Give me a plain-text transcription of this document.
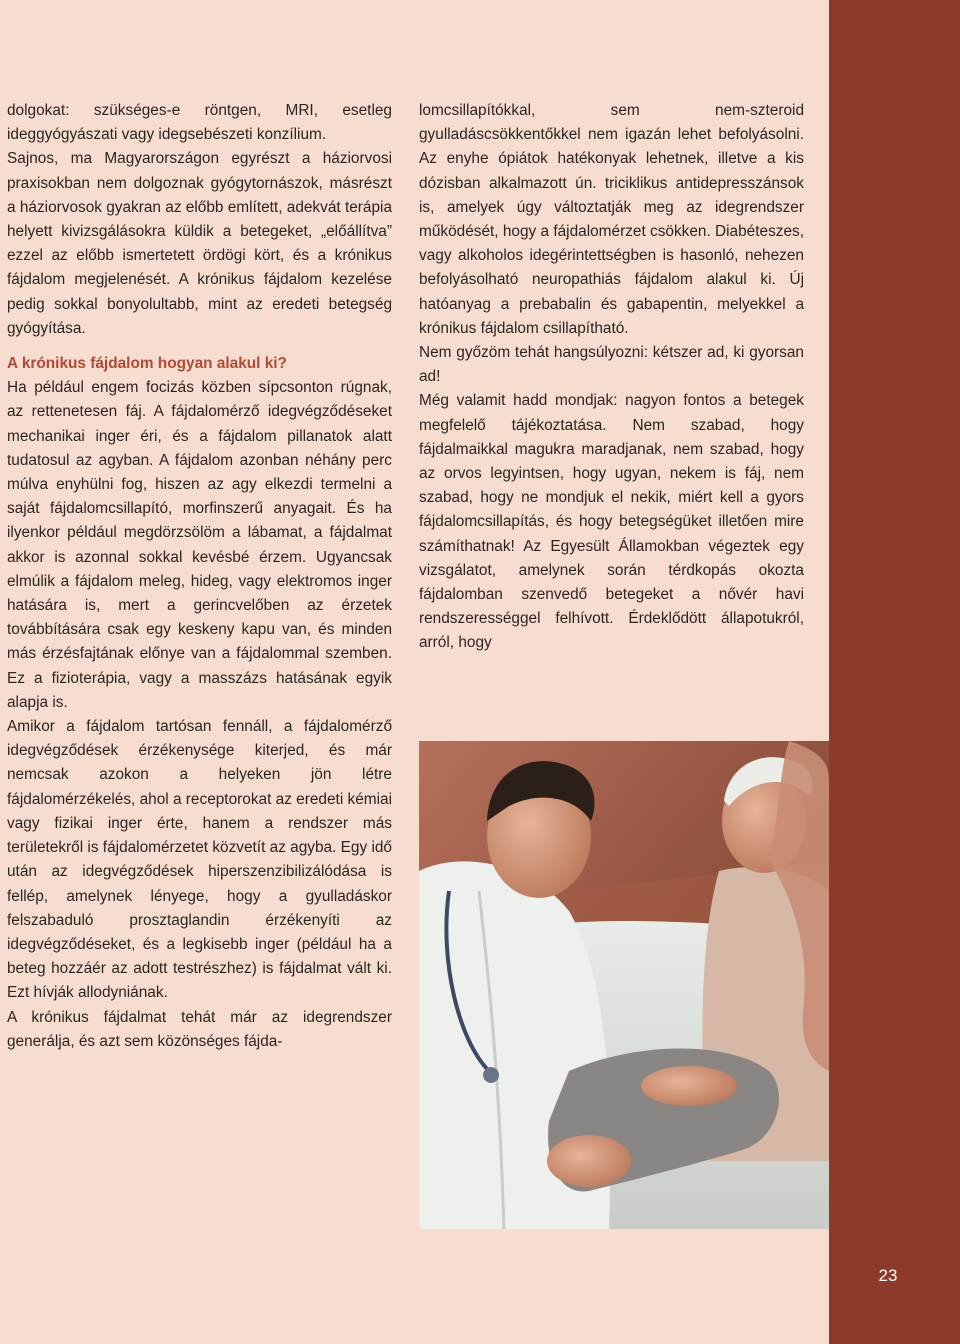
23

dolgokat: szükséges-e röntgen, MRI, esetleg ideggyógyászati vagy idegsebészeti konzílium.

Sajnos, ma Magyarországon egyrészt a háziorvosi praxisokban nem dolgoznak gyógytornászok, másrészt a háziorvosok gyakran az előbb említett, adekvát terápia helyett kivizsgálásokra küldik a betegeket, „előállítva” ezzel az előbb ismertetett ördögi kört, és a krónikus fájdalom megjelenését. A krónikus fájdalom kezelése pedig sokkal bonyolultabb, mint az eredeti betegség gyógyítása.

A krónikus fájdalom hogyan alakul ki?

Ha például engem focizás közben sípcsonton rúgnak, az rettenetesen fáj. A fájdalomérző idegvégződéseket mechanikai inger éri, és a fájdalom pillanatok alatt tudatosul az agyban. A fájdalom azonban néhány perc múlva enyhülni fog, hiszen az agy elkezdi termelni a saját fájdalomcsillapító, morfinszerű anyagait. És ha ilyenkor például megdörzsölöm a lábamat, a fájdalmat akkor is azonnal sokkal kevésbé érzem. Ugyancsak elmúlik a fájdalom meleg, hideg, vagy elektromos inger hatására is, mert a gerincvelőben az érzetek továbbítására csak egy keskeny kapu van, és minden más érzésfajtának előnye van a fájdalommal szemben. Ez a fizioterápia, vagy a masszázs hatásának egyik alapja is.

Amikor a fájdalom tartósan fennáll, a fájdalomérző idegvégződések érzékenysége kiterjed, és már nemcsak azokon a helyeken jön létre fájdalomérzékelés, ahol a receptorokat az eredeti kémiai vagy fizikai inger érte, hanem a rendszer más területekről is fájdalomérzetet közvetít az agyba. Egy idő után az idegvégződések hiperszenzibilizálódása is fellép, amelynek lényege, hogy a gyulladáskor felszabaduló prosztaglandin érzékenyíti az idegvégződéseket, és a legkisebb inger (például ha a beteg hozzáér az adott testrészhez) is fájdalmat vált ki. Ezt hívják allodyniának.

A krónikus fájdalmat tehát már az idegrendszer generálja, és azt sem közönséges fájda-

lomcsillapítókkal, sem nem-szteroid gyulladáscsökkentőkkel nem igazán lehet befolyásolni. Az enyhe ópiátok hatékonyak lehetnek, illetve a kis dózisban alkalmazott ún. triciklikus antidepresszánsok is, amelyek úgy változtatják meg az idegrendszer működését, hogy a fájdalomérzet csökken. Diabéteszes, vagy alkoholos idegérintettségben is hasonló, nehezen befolyásolható neuropathiás fájdalom alakul ki. Új hatóanyag a prebabalin és gabapentin, melyekkel a krónikus fájdalom csillapítható.

Nem győzöm tehát hangsúlyozni: kétszer ad, ki gyorsan ad!

Még valamit hadd mondjak: nagyon fontos a betegek megfelelő tájékoztatása. Nem szabad, hogy fájdalmaikkal magukra maradjanak, nem szabad, hogy az orvos legyintsen, hogy ugyan, nekem is fáj, nem szabad, hogy ne mondjuk el nekik, miért kell a gyors fájdalomcsillapítás, és hogy betegségüket illetően mire számíthatnak! Az Egyesült Államokban végeztek egy vizsgálatot, amelynek során térdkopás okozta fájdalomban szenvedő betegeket a nővér havi rendszerességgel felhívott. Érdeklődött állapotukról, arról, hogy
